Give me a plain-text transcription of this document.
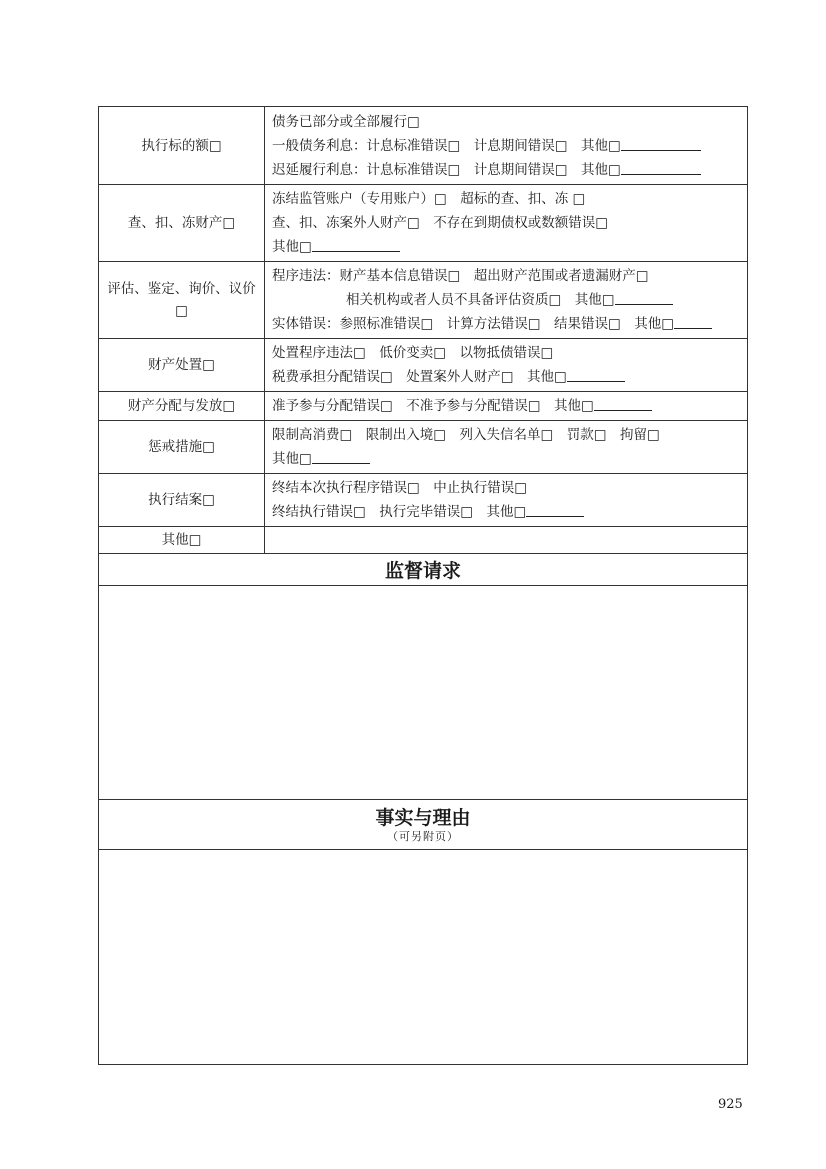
执行标的额□	债务已部分或全部履行□
一般债务利息：计息标准错误□　计息期间错误□　其他□
迟延履行利息：计息标准错误□　计息期间错误□　其他□

查、扣、冻财产□	冻结监管账户（专用账户）□　超标的查、扣、冻 □
查、扣、冻案外人财产□　不存在到期债权或数额错误□
其他□

评估、鉴定、询价、议价□	程序违法：财产基本信息错误□　超出财产范围或者遗漏财产□
相关机构或者人员不具备评估资质□　其他□
实体错误：参照标准错误□　计算方法错误□　结果错误□　其他□

财产处置□	处置程序违法□　低价变卖□　以物抵债错误□
税费承担分配错误□　处置案外人财产□　其他□

财产分配与发放□	准予参与分配错误□　不准予参与分配错误□　其他□

惩戒措施□	限制高消费□　限制出入境□　列入失信名单□　罚款□　拘留□
其他□

执行结案□	终结本次执行程序错误□　中止执行错误□
终结执行错误□　执行完毕错误□　其他□

其他□	
监督请求	

事实与理由
（可另附页）	

925
